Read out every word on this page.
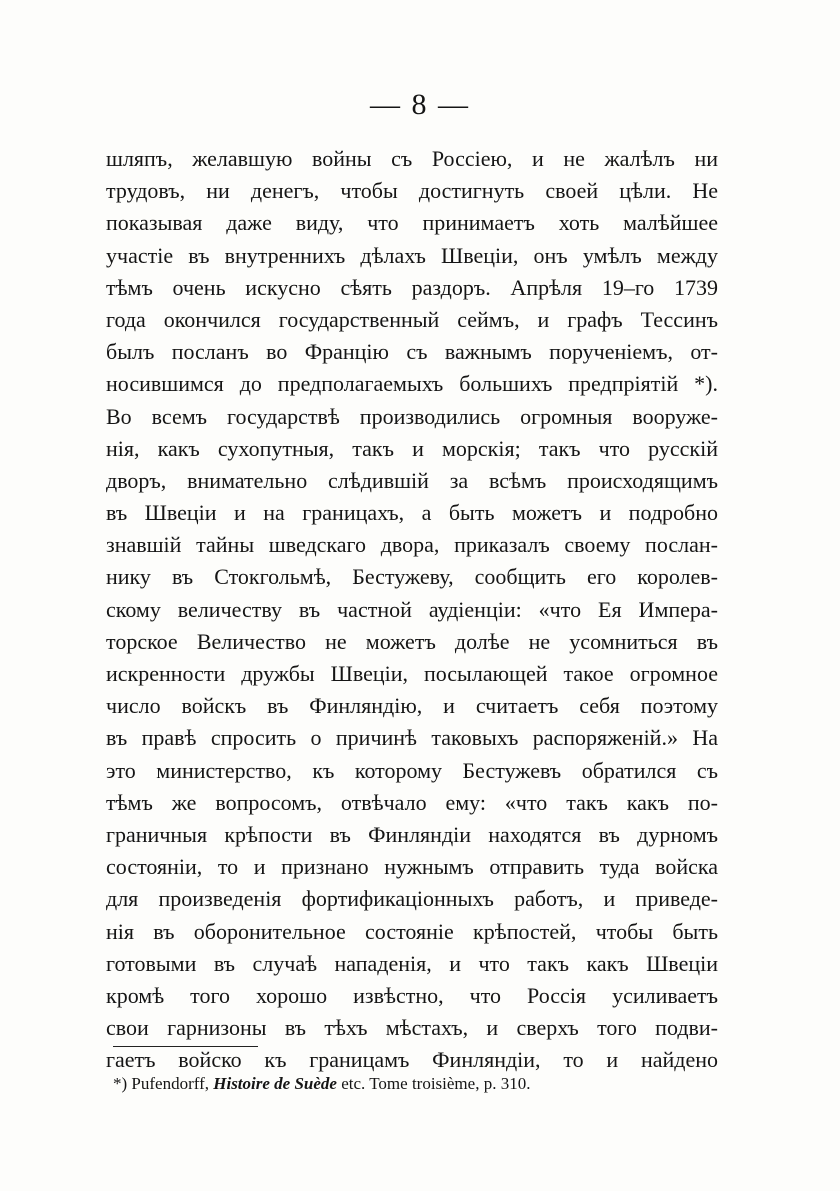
— 8 —
шляпъ, желавшую войны съ Россіею, и не жалѣлъ ни
трудовъ, ни денегъ, чтобы достигнуть своей цѣли. Не
показывая даже виду, что принимаетъ хоть малѣйшее
участіе въ внутреннихъ дѣлахъ Швеціи, онъ умѣлъ между
тѣмъ очень искусно сѣять раздоръ. Апрѣля 19–го 1739
года окончился государственный сеймъ, и графъ Тессинъ
былъ посланъ во Францію съ важнымъ порученіемъ, от-
носившимся до предполагаемыхъ большихъ предпріятій *).
Во всемъ государствѣ производились огромныя вооруже-
нія, какъ сухопутныя, такъ и морскія; такъ что русскій
дворъ, внимательно слѣдившій за всѣмъ происходящимъ
въ Швеціи и на границахъ, а быть можетъ и подробно
знавшій тайны шведскаго двора, приказалъ своему послан-
нику въ Стокгольмѣ, Бестужеву, сообщить его королев-
скому величеству въ частной аудіенціи: «что Ея Импера-
торское Величество не можетъ долѣе не усомниться въ
искренности дружбы Швеціи, посылающей такое огромное
число войскъ въ Финляндію, и считаетъ себя поэтому
въ правѣ спросить о причинѣ таковыхъ распоряженій.» На
это министерство, къ которому Бестужевъ обратился съ
тѣмъ же вопросомъ, отвѣчало ему: «что такъ какъ по-
граничныя крѣпости въ Финляндіи находятся въ дурномъ
состояніи, то и признано нужнымъ отправить туда войска
для произведенія фортификаціонныхъ работъ, и приведе-
нія въ оборонительное состояніе крѣпостей, чтобы быть
готовыми въ случаѣ нападенія, и что такъ какъ Швеціи
кромѣ того хорошо извѣстно, что Россія усиливаетъ
свои гарнизоны въ тѣхъ мѣстахъ, и сверхъ того подви-
гаетъ войско къ границамъ Финляндіи, то и найдено
*) Pufendorff, Histoire de Suède etc. Tome troisième, p. 310.
